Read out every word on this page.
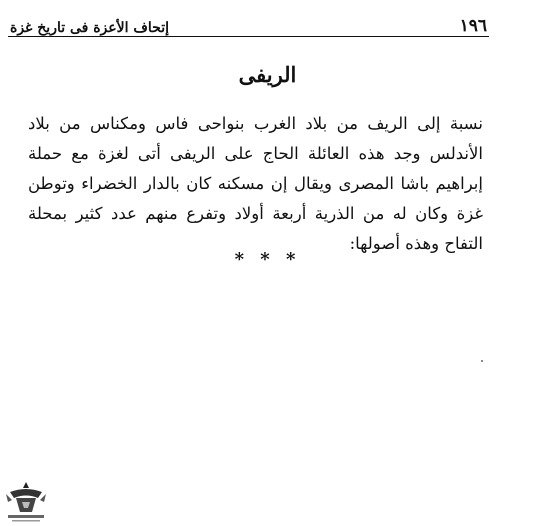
١٩٦
إتحاف الأعزة فى تاريخ غزة
الريفى

نسبة إلى الريف من بلاد الغرب بنواحى فاس ومكناس من بلاد الأندلس وجد هذه العائلة الحاج على الريفى أتى لغزة مع حملة إبراهيم باشا المصرى ويقال إن مسكنه كان بالدار الخضراء وتوطن غزة وكان له من الذرية أربعة أولاد وتفرع منهم عدد كثير بمحلة التفاح وهذه أصولها:

* * *
